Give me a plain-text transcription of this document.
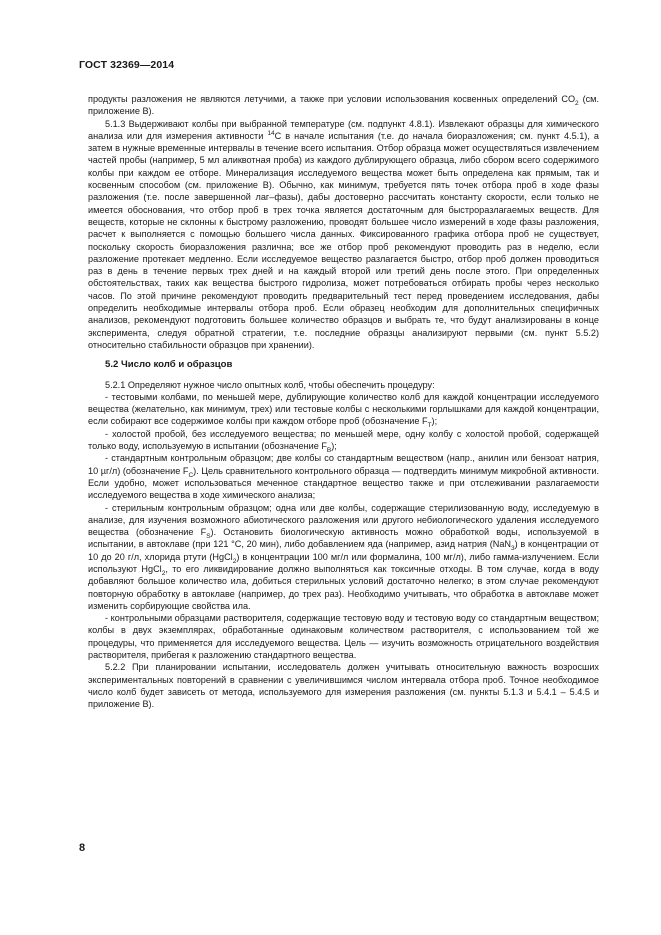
ГОСТ 32369—2014

продукты разложения не являются летучими, а также при условии использования косвенных определений $CO_2$ (см. приложение В).

5.1.3 Выдерживают колбы при выбранной температуре (см. подпункт 4.8.1). Извлекают образцы для химического анализа или для измерения активности $^{14}$С в начале испытания (т.е. до начала биоразложения; см. пункт 4.5.1), а затем в нужные временные интервалы в течение всего испытания. Отбор образца может осуществляться извлечением частей пробы (например, 5 мл аликвотная проба) из каждого дублирующего образца, либо сбором всего содержимого колбы при каждом ее отборе. Минерализация исследуемого вещества может быть определена как прямым, так и косвенным способом (см. приложение В). Обычно, как минимум, требуется пять точек отбора проб в ходе фазы разложения (т.е. после завершенной лаг–фазы), дабы достоверно рассчитать константу скорости, если только не имеется обоснования, что отбор проб в трех точка является достаточным для быстроразлагаемых веществ. Для веществ, которые не склонны к быстрому разложению, проводят большее число измерений в ходе фазы разложения, расчет к выполняется с помощью большего числа данных. Фиксированного графика отбора проб не существует, поскольку скорость биоразложения различна; все же отбор проб рекомендуют проводить раз в неделю, если разложение протекает медленно. Если исследуемое вещество разлагается быстро, отбор проб должен проводиться раз в день в течение первых трех дней и на каждый второй или третий день после этого. При определенных обстоятельствах, таких как вещества быстрого гидролиза, может потребоваться отбирать пробы через несколько часов. По этой причине рекомендуют проводить предварительный тест перед проведением исследования, дабы определить необходимые интервалы отбора проб. Если образец необходим для дополнительных специфичных анализов, рекомендуют подготовить большее количество образцов и выбрать те, что будут анализированы в конце эксперимента, следуя обратной стратегии, т.е. последние образцы анализируют первыми (см. пункт 5.5.2) относительно стабильности образцов при хранении).

5.2 Число колб и образцов

5.2.1 Определяют нужное число опытных колб, чтобы обеспечить процедуру:

- тестовыми колбами, по меньшей мере, дублирующие количество колб для каждой концентрации исследуемого вещества (желательно, как минимум, трех) или тестовые колбы с несколькими горлышками для каждой концентрации, если собирают все содержимое колбы при каждом отборе проб (обозначение $F_T$);

- холостой пробой, без исследуемого вещества; по меньшей мере, одну колбу с холостой пробой, содержащей только воду, используемую в испытании (обозначение $F_B$);

- стандартным контрольным образцом; две колбы со стандартным веществом (напр., анилин или бензоат натрия, 10 µг/л) (обозначение $F_C$). Цель сравнительного контрольного образца — подтвердить минимум микробной активности. Если удобно, может использоваться меченное стандартное вещество также и при отслеживании разлагаемости исследуемого вещества в ходе химического анализа;

- стерильным контрольным образцом; одна или две колбы, содержащие стерилизованную воду, исследуемую в анализе, для изучения возможного абиотического разложения или другого небиологического удаления исследуемого вещества (обозначение $F_S$). Остановить биологическую активность можно обработкой воды, используемой в испытании, в автоклаве (при 121 °С, 20 мин), либо добавлением яда (например, азид натрия (NaN$_3$) в концентрации от 10 до 20 г/л, хлорида ртути (HgCl$_2$) в концентрации 100 мг/л или формалина, 100 мг/л), либо гамма-излучением. Если используют HgCl$_2$, то его ликвидирование должно выполняться как токсичные отходы. В том случае, когда в воду добавляют большое количество ила, добиться стерильных условий достаточно нелегко; в этом случае рекомендуют повторную обработку в автоклаве (например, до трех раз). Необходимо учитывать, что обработка в автоклаве может изменить сорбирующие свойства ила.

- контрольными образцами растворителя, содержащие тестовую воду и тестовую воду со стандартным веществом; колбы в двух экземплярах, обработанные одинаковым количеством растворителя, с использованием той же процедуры, что применяется для исследуемого вещества. Цель — изучить возможность отрицательного воздействия растворителя, прибегая к разложению стандартного вещества.

5.2.2 При планировании испытании, исследователь должен учитывать относительную важность возросших экспериментальных повторений в сравнении с увеличившимся числом интервала отбора проб. Точное необходимое число колб будет зависеть от метода, используемого для измерения разложения (см. пункты 5.1.3 и 5.4.1 – 5.4.5 и приложение В).

8
